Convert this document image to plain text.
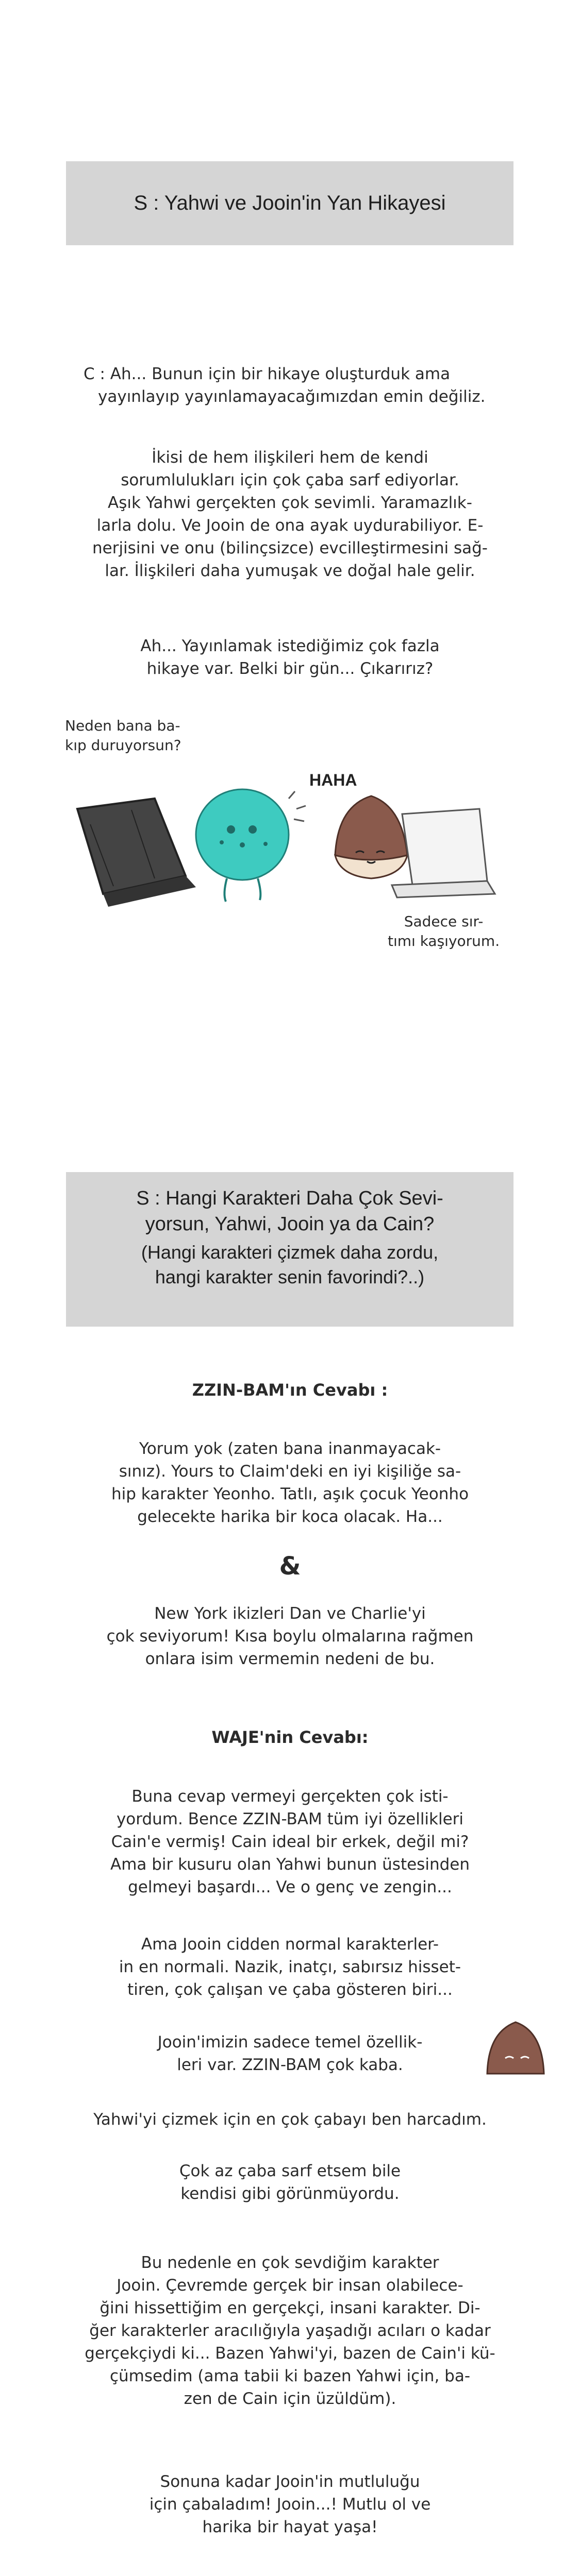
S : Yahwi ve Jooin'in Yan Hikayesi
C : Ah... Bunun için bir hikaye oluşturduk ama
yayınlayıp yayınlamayacağımızdan emin değiliz.
İkisi de hem ilişkileri hem de kendi
sorumlulukları için çok çaba sarf ediyorlar.
Aşık Yahwi gerçekten çok sevimli. Yaramazlık-
larla dolu. Ve Jooin de ona ayak uydurabiliyor. E-
nerjisini ve onu (bilinçsizce) evcilleştirmesini sağ-
lar. İlişkileri daha yumuşak ve doğal hale gelir.
Ah... Yayınlamak istediğimiz çok fazla
hikaye var. Belki bir gün... Çıkarırız?
Neden bana ba-
kıp duruyorsun?
HAHA
Sadece sır-
tımı kaşıyorum.
S : Hangi Karakteri Daha Çok Sevi-
yorsun, Yahwi, Jooin ya da Cain?
(Hangi karakteri çizmek daha zordu,
hangi karakter senin favorindi?..)
ZZIN-BAM'ın Cevabı :
Yorum yok (zaten bana inanmayacak-
sınız). Yours to Claim'deki en iyi kişiliğe sa-
hip karakter Yeonho. Tatlı, aşık çocuk Yeonho
gelecekte harika bir koca olacak. Ha...
&
New York ikizleri Dan ve Charlie'yi
çok seviyorum! Kısa boylu olmalarına rağmen
onlara isim vermemin nedeni de bu.
WAJE'nin Cevabı:
Buna cevap vermeyi gerçekten çok isti-
yordum. Bence ZZIN-BAM tüm iyi özellikleri
Cain'e vermiş! Cain ideal bir erkek, değil mi?
Ama bir kusuru olan Yahwi bunun üstesinden
gelmeyi başardı... Ve o genç ve zengin...
Ama Jooin cidden normal karakterler-
in en normali. Nazik, inatçı, sabırsız hisset-
tiren, çok çalışan ve çaba gösteren biri...
Jooin'imizin sadece temel özellik-
leri var. ZZIN-BAM çok kaba.
Yahwi'yi çizmek için en çok çabayı ben harcadım.
Çok az çaba sarf etsem bile
kendisi gibi görünmüyordu.
Bu nedenle en çok sevdiğim karakter
Jooin. Çevremde gerçek bir insan olabilece-
ğini hissettiğim en gerçekçi, insani karakter. Di-
ğer karakterler aracılığıyla yaşadığı acıları o kadar
gerçekçiydi ki... Bazen Yahwi'yi, bazen de Cain'i kü-
çümsedim (ama tabii ki bazen Yahwi için, ba-
zen de Cain için üzüldüm).
Sonuna kadar Jooin'in mutluluğu
için çabaladım! Jooin...! Mutlu ol ve
harika bir hayat yaşa!
